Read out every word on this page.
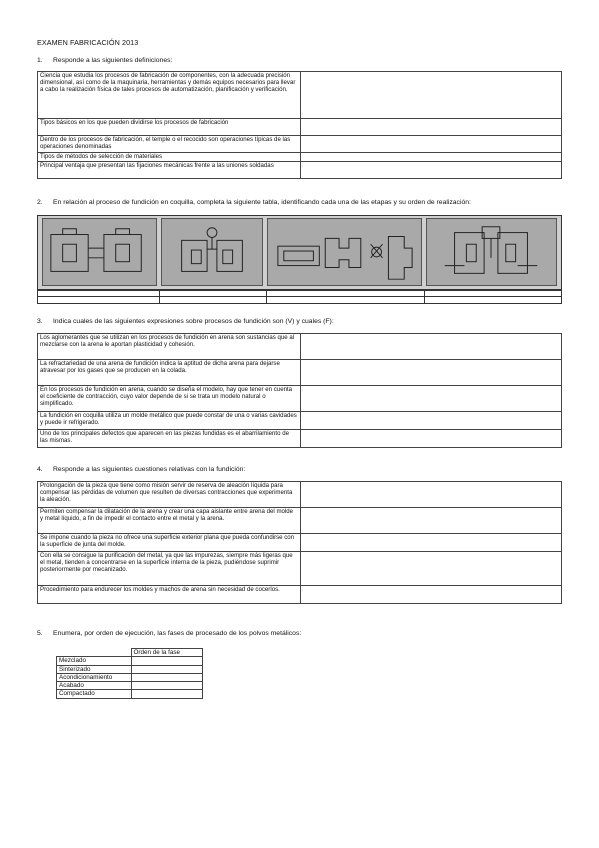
EXAMEN FABRICACIÓN 2013
1. Responde a las siguientes definiciones:
Ciencia que estudia los procesos de fabricación de componentes, con la adecuada precisión dimensional, así como de la maquinaria, herramientas y demás equipos necesarios para llevar a cabo la realización física de tales procesos de automatización, planificación y verificación.	
Tipos básicos en los que pueden dividirse los procesos de fabricación	
Dentro de los procesos de fabricación, el temple o el recocido son operaciones típicas de las operaciones denominadas	
Tipos de métodos de selección de materiales	
Principal ventaja que presentan las fijaciones mecánicas frente a las uniones soldadas	
2. En relación al proceso de fundición en coquilla, completa la siguiente tabla, identificando cada una de las etapas y su orden de realización:

3. Indica cuales de las siguientes expresiones sobre procesos de fundición son (V) y cuales (F):
Los aglomerantes que se utilizan en los procesos de fundición en arena son sustancias que al mezclarse con la arena le aportan plasticidad y cohesión.	
La refractariedad de una arena de fundición indica la aptitud de dicha arena para dejarse atravesar por los gases que se producen en la colada.	
En los procesos de fundición en arena, cuando se diseña el modelo, hay que tener en cuenta el coeficiente de contracción, cuyo valor depende de si se trata un modelo natural o simplificado.	
La fundición en coquilla utiliza un molde metálico que puede constar de una o varias cavidades y puede ir refrigerado.	
Uno de los principales defectos que aparecen en las piezas fundidas es el abarrilamiento de las mismas.	
4. Responde a las siguientes cuestiones relativas con la fundición:
Prolongación de la pieza que tiene como misión servir de reserva de aleación líquida para compensar las pérdidas de volumen que resulten de diversas contracciones que experimenta la aleación.	
Permiten compensar la dilatación de la arena y crear una capa aislante entre arena del molde y metal líquido, a fin de impedir el contacto entre el metal y la arena.	
Se impone cuando la pieza no ofrece una superficie exterior plana que pueda confundirse con la superficie de junta del molde.	
Con ella se consigue la purificación del metal, ya que las impurezas, siempre más ligeras que el metal, tienden a concentrarse en la superficie interna de la pieza, pudiéndose suprimir posteriormente por mecanizado.	
Procedimiento para endurecer los moldes y machos de arena sin necesidad de cocerlos.	
5. Enumera, por orden de ejecución, las fases de procesado de los polvos metálicos:
	Orden de la fase
Mezclado	
Sinterizado	
Acondicionamiento	
Acabado	
Compactado	
